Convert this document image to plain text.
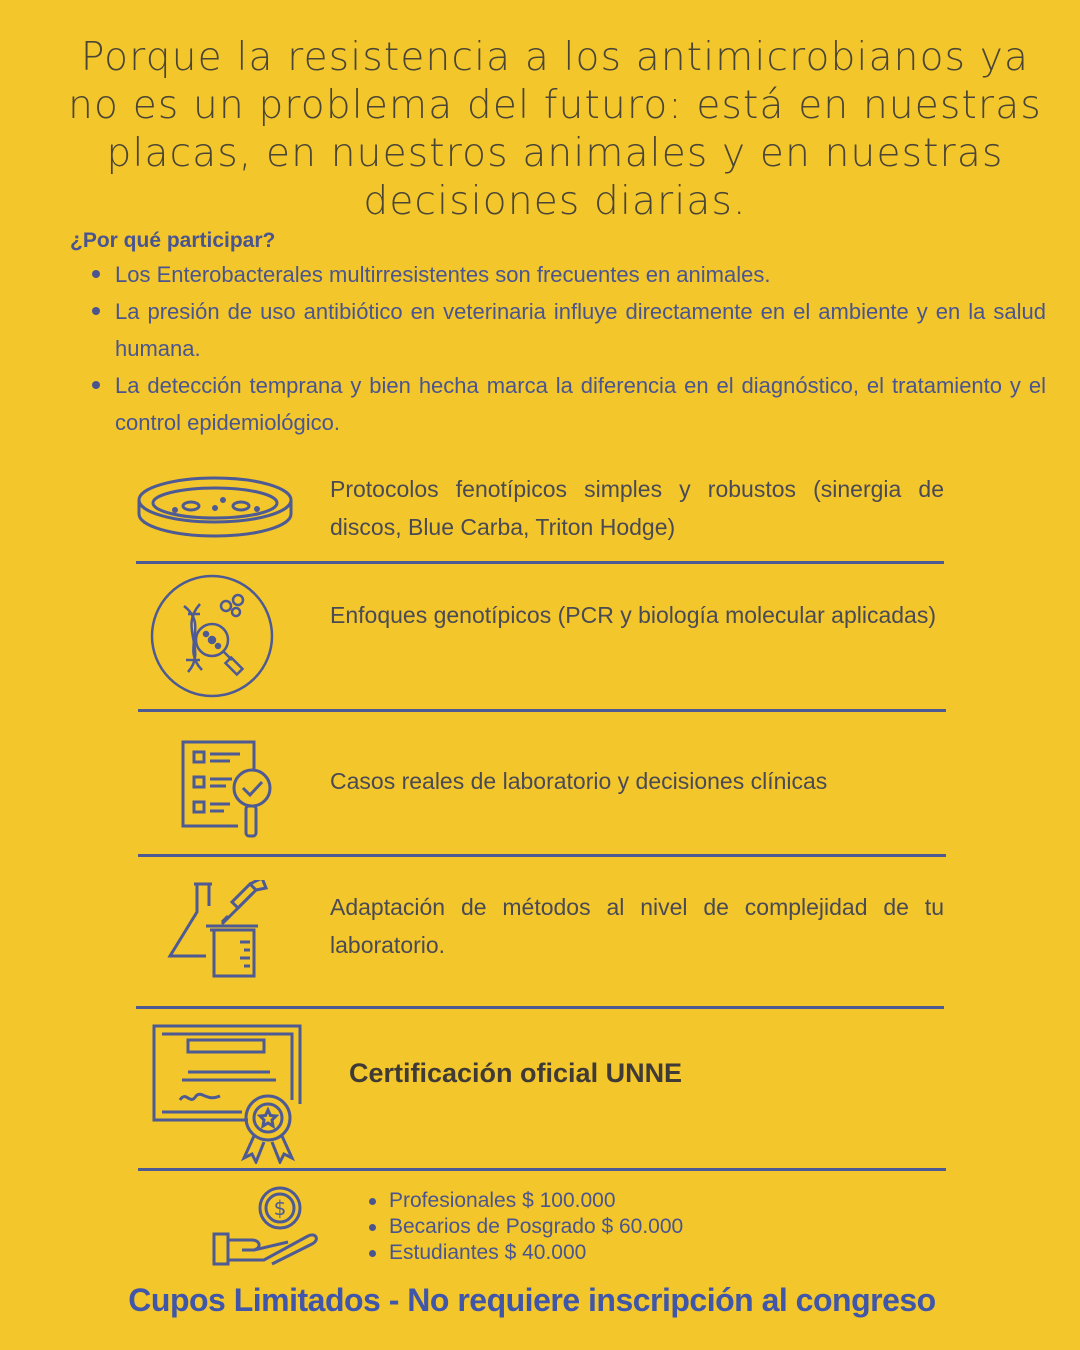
Porque la resistencia a los antimicrobianos ya no es un problema del futuro: está en nuestras placas, en nuestros animales y en nuestras decisiones diarias.
¿Por qué participar?
Los Enterobacterales multirresistentes son frecuentes en animales.
La presión de uso antibiótico en veterinaria influye directamente en el ambiente y en la salud humana.
La detección temprana y bien hecha marca la diferencia en el diagnóstico, el tratamiento y el control epidemiológico.

Protocolos fenotípicos simples y robustos (sinergia de discos, Blue Carba, Triton Hodge)

Enfoques genotípicos (PCR y biología molecular aplicadas)

Casos reales de laboratorio y decisiones clínicas

Adaptación de métodos al nivel de complejidad de tu laboratorio.

Certificación oficial UNNE

$	Profesionales $ 100.000
Becarios de Posgrado $ 60.000
Estudiantes $ 40.000

Cupos Limitados - No requiere inscripción al congreso
